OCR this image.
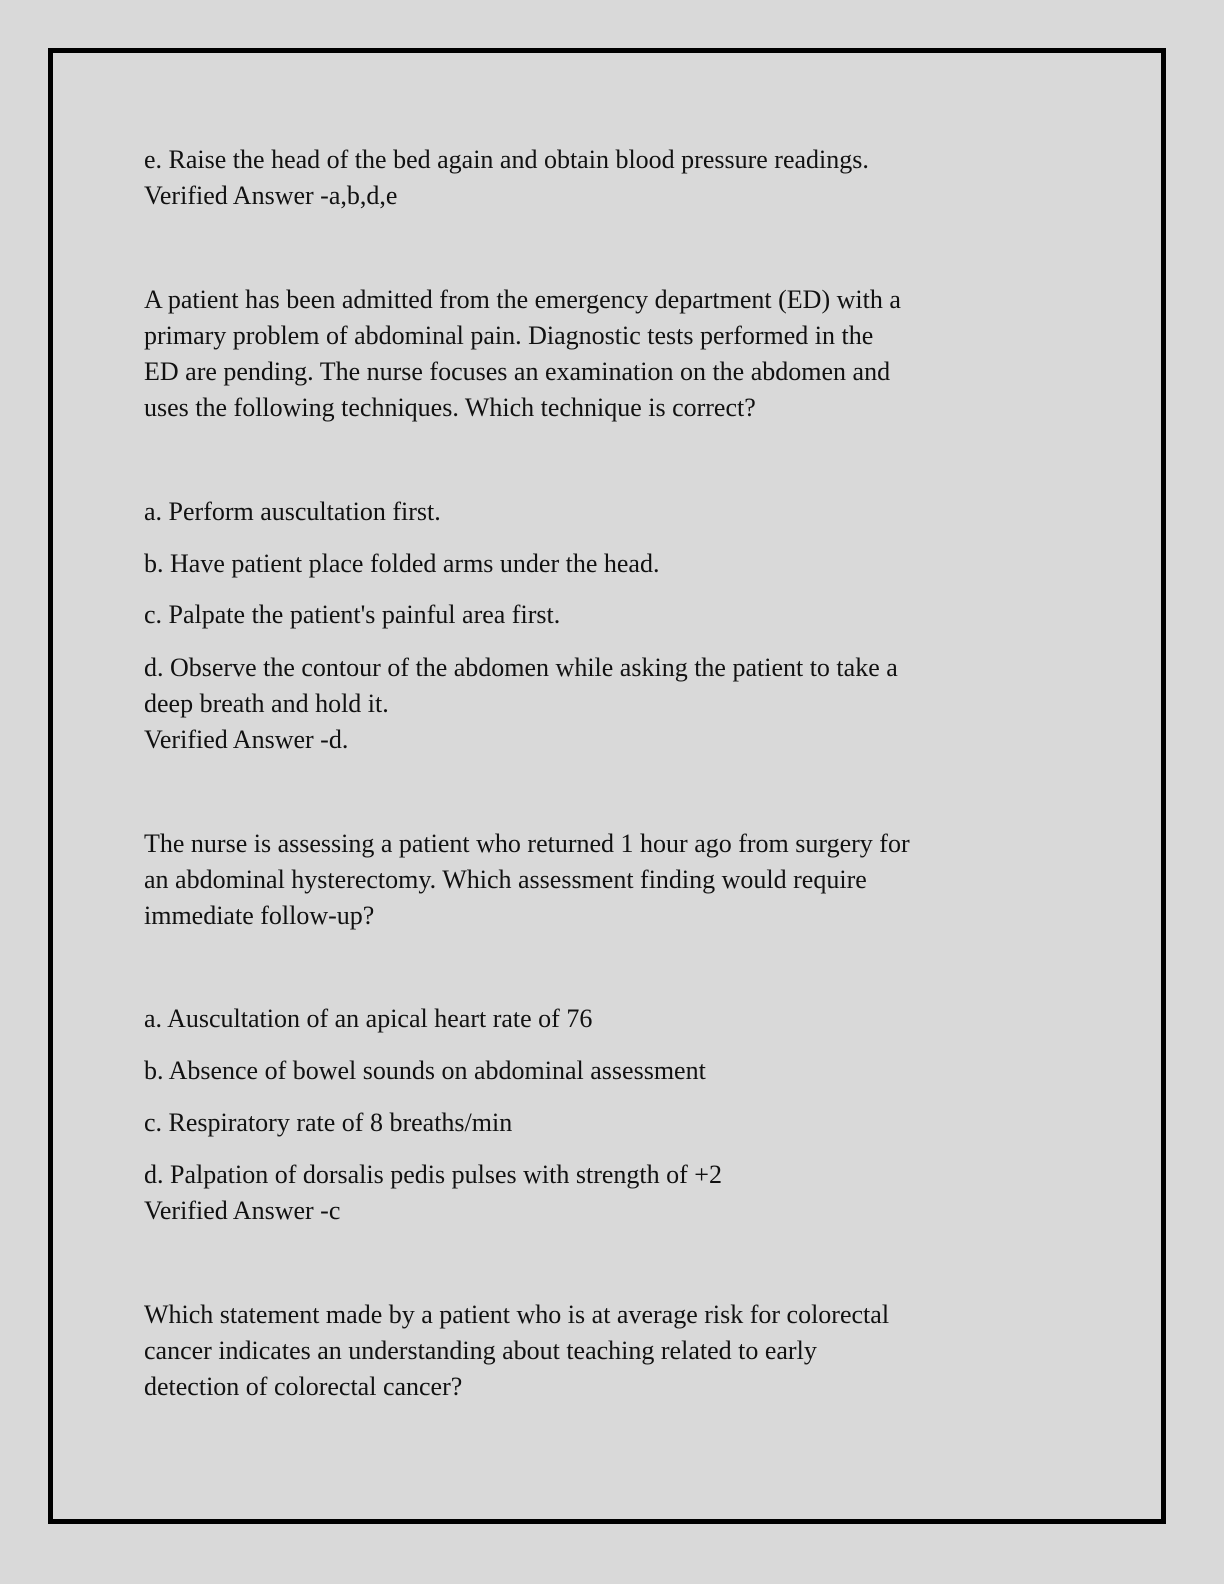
e. Raise the head of the bed again and obtain blood pressure readings.

Verified Answer -a,b,d,e

A patient has been admitted from the emergency department (ED) with a

primary problem of abdominal pain. Diagnostic tests performed in the

ED are pending. The nurse focuses an examination on the abdomen and

uses the following techniques. Which technique is correct?

a. Perform auscultation first.

b. Have patient place folded arms under the head.

c. Palpate the patient's painful area first.

d. Observe the contour of the abdomen while asking the patient to take a

deep breath and hold it.

Verified Answer -d.

The nurse is assessing a patient who returned 1 hour ago from surgery for

an abdominal hysterectomy. Which assessment finding would require

immediate follow-up?

a. Auscultation of an apical heart rate of 76

b. Absence of bowel sounds on abdominal assessment

c. Respiratory rate of 8 breaths/min

d. Palpation of dorsalis pedis pulses with strength of +2

Verified Answer -c

Which statement made by a patient who is at average risk for colorectal

cancer indicates an understanding about teaching related to early

detection of colorectal cancer?
